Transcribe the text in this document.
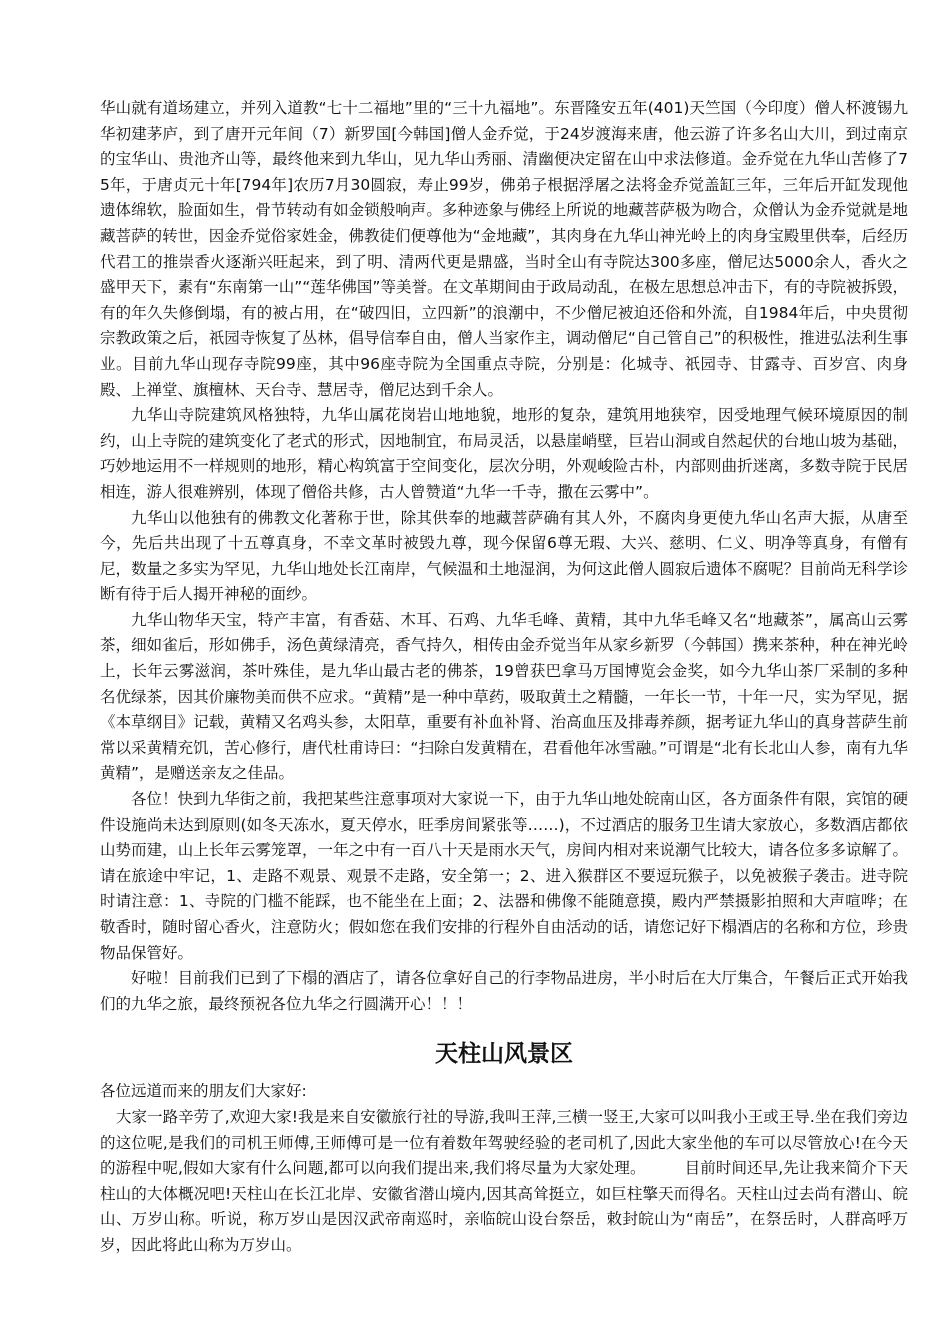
华山就有道场建立，并列入道教“七十二福地”里的“三十九福地”。东晋隆安五年(401)天竺国（今印度）僧人杯渡锡九华初建茅庐，到了唐开元年间（7）新罗国[今韩国]僧人金乔觉，于24岁渡海来唐，他云游了许多名山大川，到过南京的宝华山、贵池齐山等，最终他来到九华山，见九华山秀丽、清幽便决定留在山中求法修道。金乔觉在九华山苦修了75年，于唐贞元十年[794年]农历7月30圆寂，寿止99岁，佛弟子根据浮屠之法将金乔觉盖缸三年，三年后开缸发现他遗体绵软，脸面如生，骨节转动有如金锁般响声。多种迹象与佛经上所说的地藏菩萨极为吻合，众僧认为金乔觉就是地藏菩萨的转世，因金乔觉俗家姓金，佛教徒们便尊他为“金地藏”，其肉身在九华山神光岭上的肉身宝殿里供奉，后经历代君工的推崇香火逐渐兴旺起来，到了明、清两代更是鼎盛，当时全山有寺院达300多座，僧尼达5000余人，香火之盛甲天下，素有“东南第一山”“莲华佛国”等美誉。在文革期间由于政局动乱，在极左思想总冲击下，有的寺院被拆毁，有的年久失修倒塌，有的被占用，在“破四旧，立四新”的浪潮中，不少僧尼被迫还俗和外流，自1984年后，中央贯彻宗教政策之后，祇园寺恢复了丛林，倡导信奉自由，僧人当家作主，调动僧尼“自己管自己”的积极性，推进弘法利生事业。目前九华山现存寺院99座，其中96座寺院为全国重点寺院，分别是：化城寺、祇园寺、甘露寺、百岁宫、肉身殿、上禅堂、旗檀林、天台寺、慧居寺，僧尼达到千余人。

九华山寺院建筑风格独特，九华山属花岗岩山地地貌，地形的复杂，建筑用地狭窄，因受地理气候环境原因的制约，山上寺院的建筑变化了老式的形式，因地制宜，布局灵活，以悬崖峭壁，巨岩山洞或自然起伏的台地山坡为基础，巧妙地运用不一样规则的地形，精心构筑富于空间变化，层次分明，外观峻险古朴，内部则曲折迷离，多数寺院于民居相连，游人很难辨别，体现了僧俗共修，古人曾赞道“九华一千寺，撒在云雾中”。

九华山以他独有的佛教文化著称于世，除其供奉的地藏菩萨确有其人外，不腐肉身更使九华山名声大振，从唐至今，先后共出现了十五尊真身，不幸文革时被毁九尊，现今保留6尊无瑕、大兴、慈明、仁义、明净等真身，有僧有尼，数量之多实为罕见，九华山地处长江南岸，气候温和土地湿润，为何这此僧人圆寂后遗体不腐呢？目前尚无科学诊断有待于后人揭开神秘的面纱。

九华山物华天宝，特产丰富，有香菇、木耳、石鸡、九华毛峰、黄精，其中九华毛峰又名“地藏茶”，属高山云雾茶，细如雀后，形如佛手，汤色黄绿清亮，香气持久，相传由金乔觉当年从家乡新罗（今韩国）携来茶种，种在神光岭上，长年云雾滋润，茶叶殊佳，是九华山最古老的佛茶，19曾获巴拿马万国博览会金奖，如今九华山茶厂采制的多种名优绿茶，因其价廉物美而供不应求。“黄精”是一种中草药，吸取黄土之精髓，一年长一节，十年一尺，实为罕见，据《本草纲目》记载，黄精又名鸡头参，太阳草，重要有补血补肾、治高血压及排毒养颜，据考证九华山的真身菩萨生前常以采黄精充饥，苦心修行，唐代杜甫诗曰：“扫除白发黄精在，君看他年冰雪融。”可谓是“北有长北山人参，南有九华黄精”，是赠送亲友之佳品。

各位！快到九华街之前，我把某些注意事项对大家说一下，由于九华山地处皖南山区，各方面条件有限，宾馆的硬件设施尚未达到原则(如冬天冻水，夏天停水，旺季房间紧张等……)，不过酒店的服务卫生请大家放心，多数酒店都依山势而建，山上长年云雾笼罩，一年之中有一百八十天是雨水天气，房间内相对来说潮气比较大，请各位多多谅解了。请在旅途中牢记，1、走路不观景、观景不走路，安全第一；2、进入猴群区不要逗玩猴子，以免被猴子袭击。进寺院时请注意：1、寺院的门槛不能踩，也不能坐在上面；2、法器和佛像不能随意摸，殿内严禁摄影拍照和大声喧哗；在敬香时，随时留心香火，注意防火；假如您在我们安排的行程外自由活动的话，请您记好下榻酒店的名称和方位，珍贵物品保管好。

好啦！目前我们已到了下榻的酒店了，请各位拿好自己的行李物品进房，半小时后在大厅集合，午餐后正式开始我们的九华之旅，最终预祝各位九华之行圆满开心！！！

天柱山风景区

各位远道而来的朋友们大家好:

大家一路辛劳了,欢迎大家!我是来自安徽旅行社的导游,我叫王萍,三横一竖王,大家可以叫我小王或王导.坐在我们旁边的这位呢,是我们的司机王师傅,王师傅可是一位有着数年驾驶经验的老司机了,因此大家坐他的车可以尽管放心!在今天的游程中呢,假如大家有什么问题,都可以向我们提出来,我们将尽量为大家处理。　　　目前时间还早,先让我来简介下天柱山的大体概况吧!天柱山在长江北岸、安徽省潜山境内,因其高耸挺立，如巨柱擎天而得名。天柱山过去尚有潜山、皖山、万岁山称。听说，称万岁山是因汉武帝南巡时，亲临皖山设台祭岳，敕封皖山为“南岳”，在祭岳时，人群高呼万岁，因此将此山称为万岁山。
